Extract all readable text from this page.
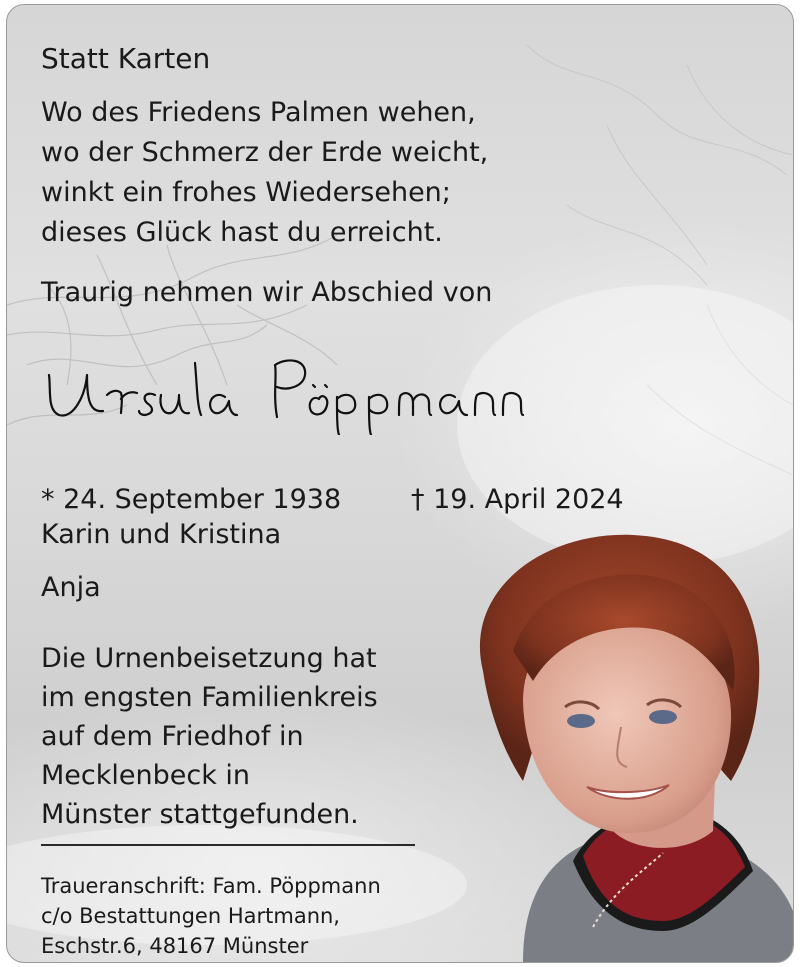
Statt Karten
Wo des Friedens Palmen wehen,
wo der Schmerz der Erde weicht,
winkt ein frohes Wiedersehen;
dieses Glück hast du erreicht.

Traurig nehmen wir Abschied von

* 24. September 1938	† 19. April 2024

Karin und Kristina

Anja

Die Urnenbeisetzung hat
im engsten Familienkreis
auf dem Friedhof in
Mecklenbeck in
Münster stattgefunden.
Traueranschrift: Fam. Pöppmann
c/o Bestattungen Hartmann,
Eschstr.6, 48167 Münster
